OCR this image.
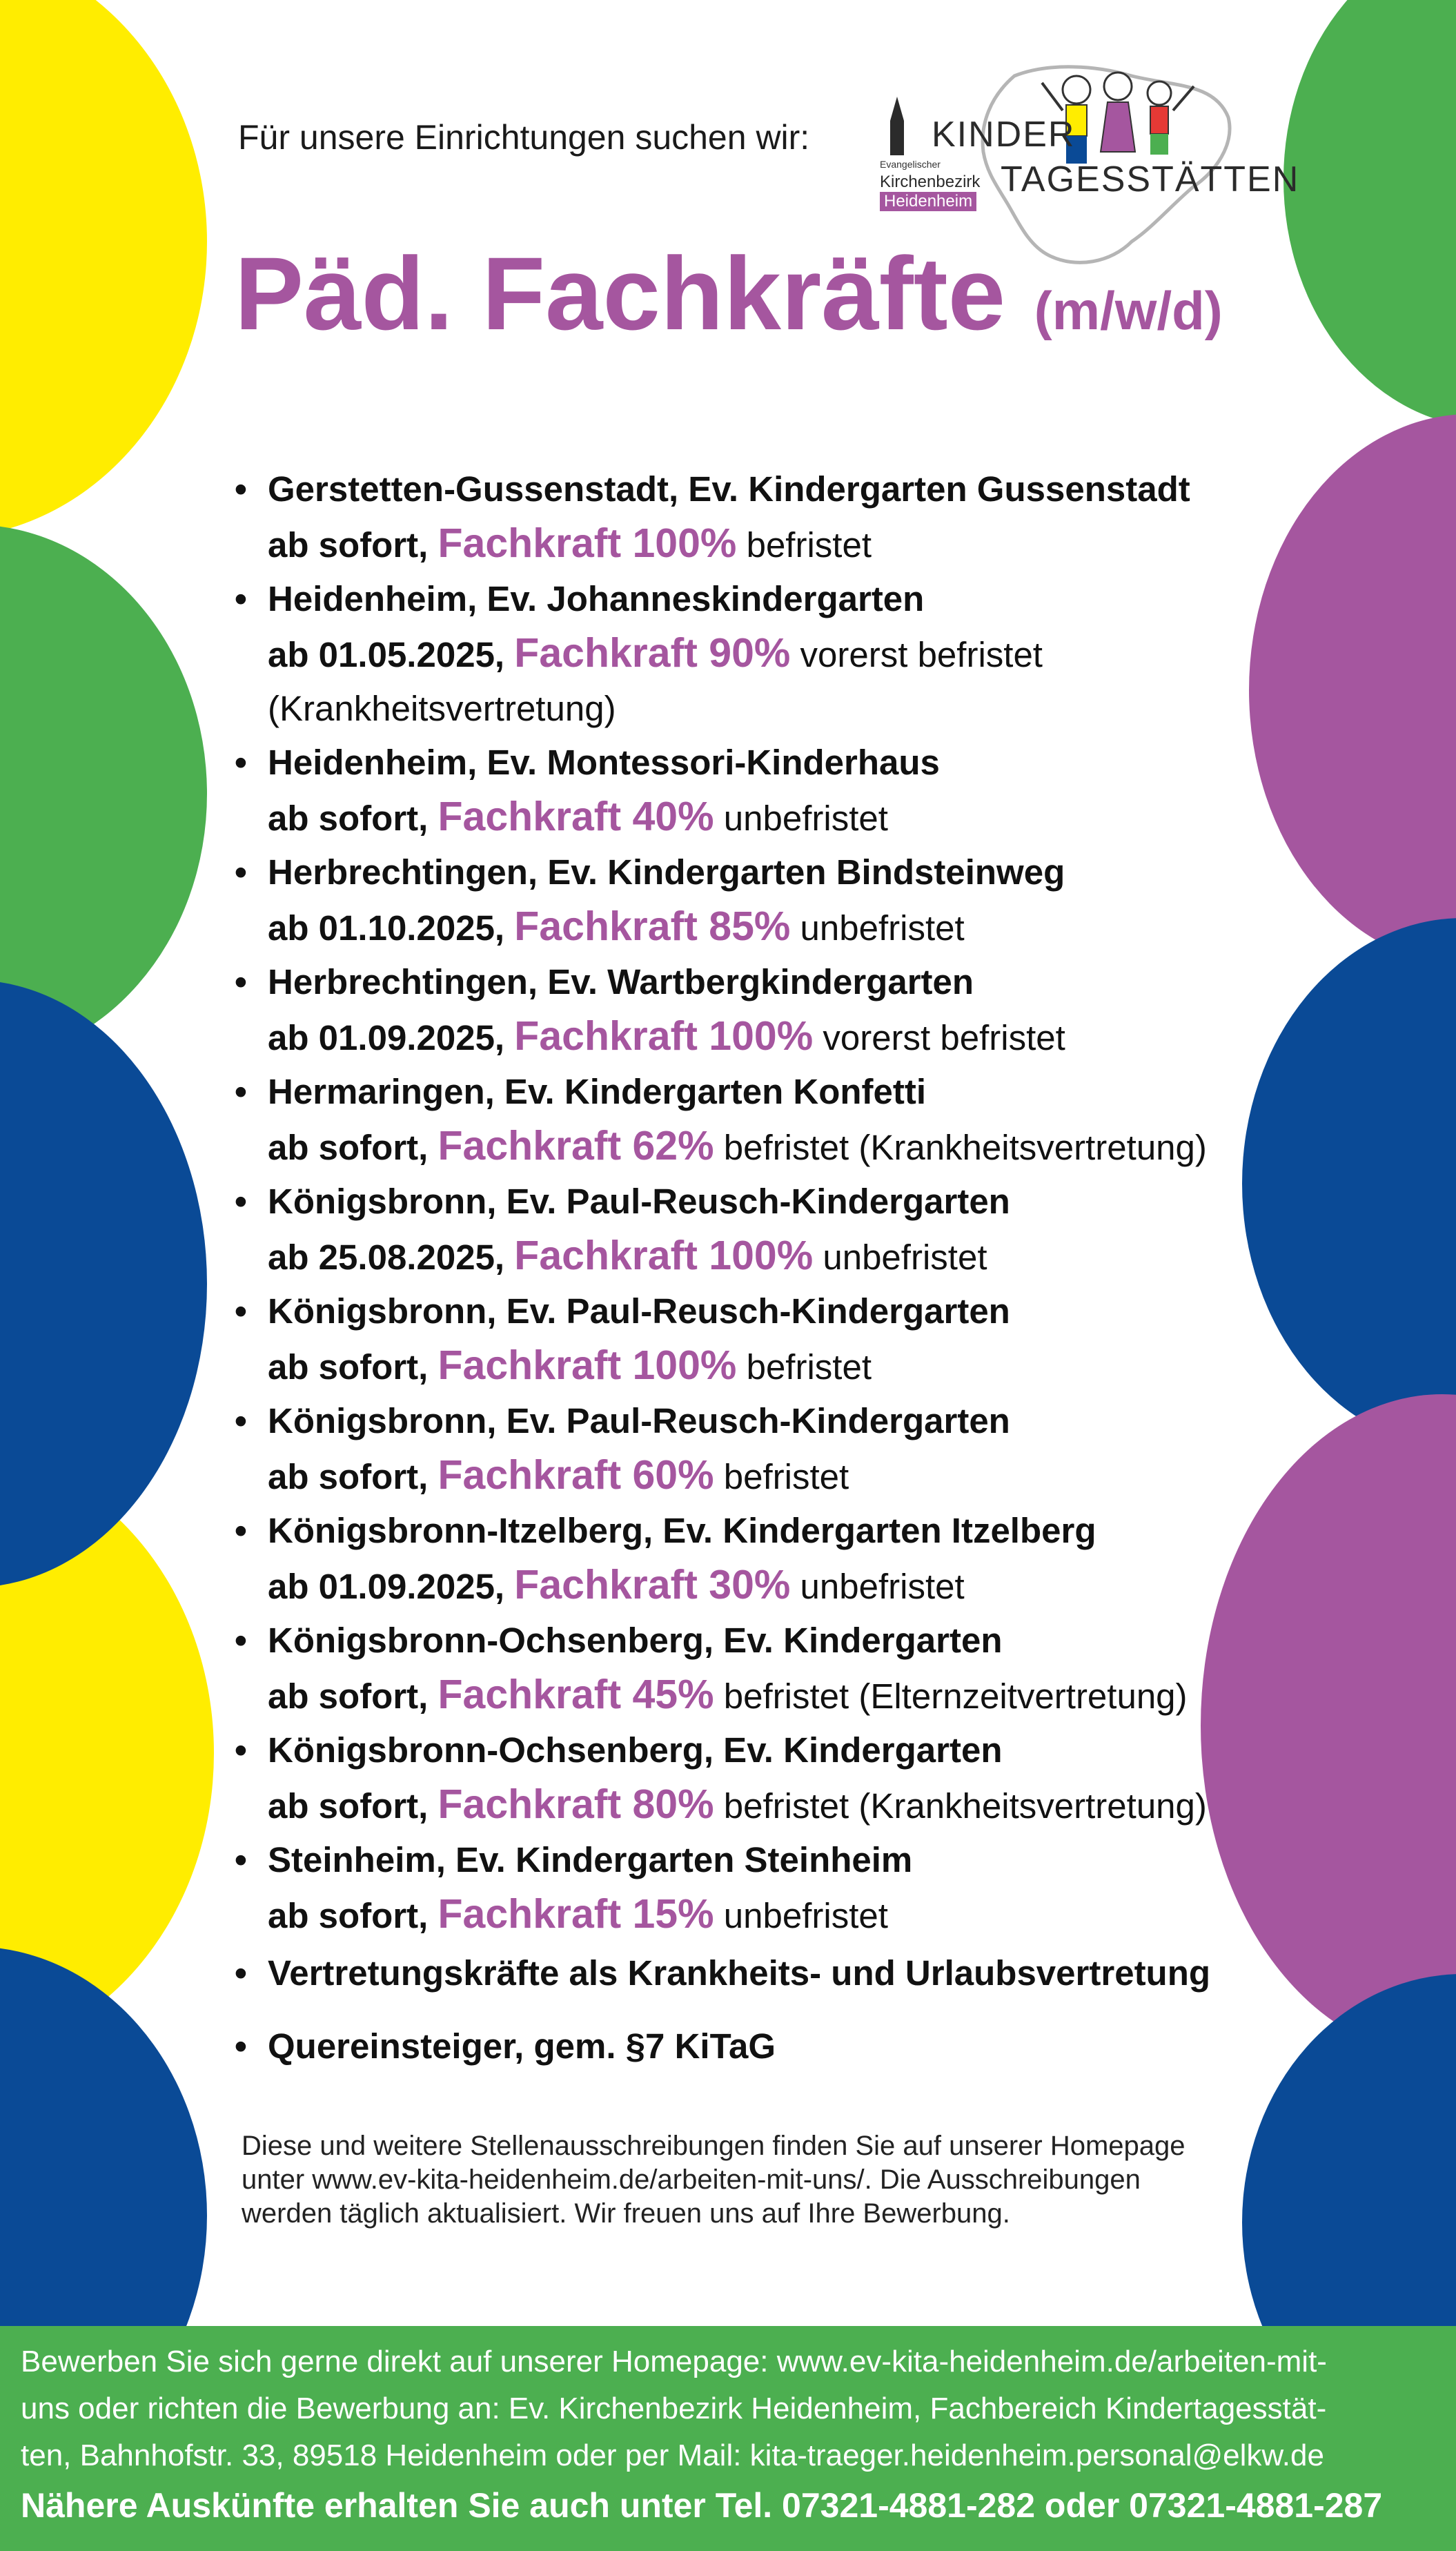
Für unsere Einrichtungen suchen wir:	KINDER
TAGESSTÄTTEN
Evangelischer
Kirchenbezirk
Heidenheim
Päd. Fachkräfte (m/w/d)
• Gerstetten-Gussenstadt, Ev. Kindergarten Gussenstadt
ab sofort, Fachkraft 100% befristet
• Heidenheim, Ev. Johanneskindergarten
ab 01.05.2025, Fachkraft 90% vorerst befristet
(Krankheitsvertretung)
• Heidenheim, Ev. Montessori-Kinderhaus
ab sofort, Fachkraft 40% unbefristet
• Herbrechtingen, Ev. Kindergarten Bindsteinweg
ab 01.10.2025, Fachkraft 85% unbefristet
• Herbrechtingen, Ev. Wartbergkindergarten
ab 01.09.2025, Fachkraft 100% vorerst befristet
• Hermaringen, Ev. Kindergarten Konfetti
ab sofort, Fachkraft 62% befristet (Krankheitsvertretung)
• Königsbronn, Ev. Paul-Reusch-Kindergarten
ab 25.08.2025, Fachkraft 100% unbefristet
• Königsbronn, Ev. Paul-Reusch-Kindergarten
ab sofort, Fachkraft 100% befristet
• Königsbronn, Ev. Paul-Reusch-Kindergarten
ab sofort, Fachkraft 60% befristet
• Königsbronn-Itzelberg, Ev. Kindergarten Itzelberg
ab 01.09.2025, Fachkraft 30% unbefristet
• Königsbronn-Ochsenberg, Ev. Kindergarten
ab sofort, Fachkraft 45% befristet (Elternzeitvertretung)
• Königsbronn-Ochsenberg, Ev. Kindergarten
ab sofort, Fachkraft 80% befristet (Krankheitsvertretung)
• Steinheim, Ev. Kindergarten Steinheim
ab sofort, Fachkraft 15% unbefristet
• Vertretungskräfte als Krankheits- und Urlaubsvertretung
• Quereinsteiger, gem. §7 KiTaG

Diese und weitere Stellenausschreibungen finden Sie auf unserer Homepage

unter www.ev-kita-heidenheim.de/arbeiten-mit-uns/. Die Ausschreibungen

werden täglich aktualisiert. Wir freuen uns auf Ihre Bewerbung.

Bewerben Sie sich gerne direkt auf unserer Homepage: www.ev-kita-heidenheim.de/arbeiten-mit-

uns oder richten die Bewerbung an: Ev. Kirchenbezirk Heidenheim, Fachbereich Kindertagesstät-

ten, Bahnhofstr. 33, 89518 Heidenheim oder per Mail: kita-traeger.heidenheim.personal@elkw.de

Nähere Auskünfte erhalten Sie auch unter Tel. 07321-4881-282 oder 07321-4881-287
